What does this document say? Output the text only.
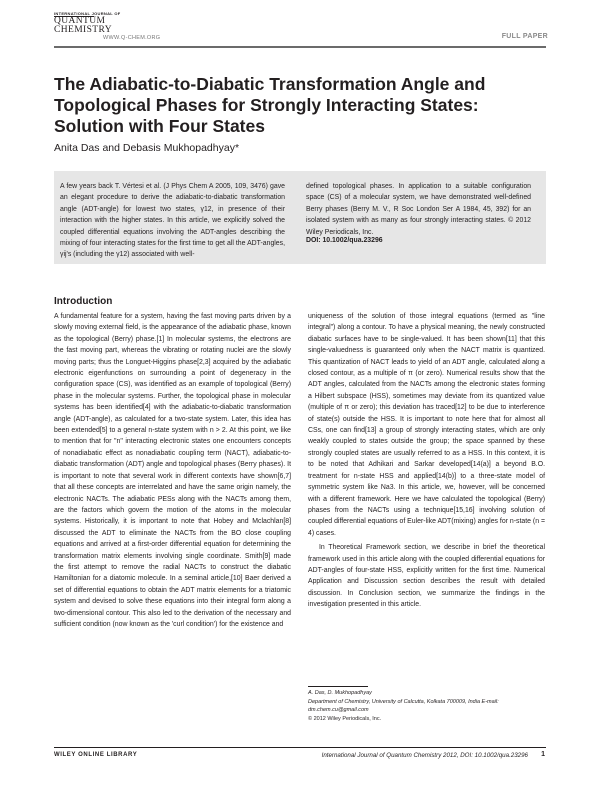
INTERNATIONAL JOURNAL OF
QUANTUM CHEMISTRY
WWW.Q-CHEM.ORG	FULL PAPER
The Adiabatic-to-Diabatic Transformation Angle and Topological Phases for Strongly Interacting States: Solution with Four States
Anita Das and Debasis Mukhopadhyay*
A few years back T. Vértesi et al. (J Phys Chem A 2005, 109, 3476) gave an elegant procedure to derive the adiabatic-to-diabatic transformation angle (ADT-angle) for lowest two states, γ12, in presence of their interaction with the higher states. In this article, we explicitly solved the coupled differential equations involving the ADT-angles describing the mixing of four interacting states for the first time to get all the ADT-angles, γij's (including the γ12) associated with well-
defined topological phases. In application to a suitable configuration space (CS) of a molecular system, we have demonstrated well-defined Berry phases (Berry M. V., R Soc London Ser A 1984, 45, 392) for an isolated system with as many as four strongly interacting states. © 2012 Wiley Periodicals, Inc.
DOI: 10.1002/qua.23296
Introduction

A fundamental feature for a system, having the fast moving parts driven by a slowly moving external field, is the appearance of the adiabatic phase, known as the topological (Berry) phase.[1] In molecular systems, the electrons are the fast moving part, whereas the vibrating or rotating nuclei are the slowly moving parts; thus the Longuet-Higgins phase[2,3] acquired by the adiabatic electronic eigenfunctions on surrounding a point of degeneracy in the configuration space (CS), was identified as an example of topological (Berry) phase in the molecular systems. Further, the topological phase in molecular systems has been identified[4] with the adiabatic-to-diabatic transformation angle (ADT-angle), as calculated for a two-state system. Later, this idea has been extended[5] to a general n-state system with n > 2. At this point, we like to mention that for "n" interacting electronic states one encounters concepts of nonadiabatic effect as nonadiabatic coupling term (NACT), adiabatic-to-diabatic transformation (ADT) angle and topological phases (Berry phases). It is important to note that several work in different contexts have shown[6,7] that all these concepts are interrelated and have the same origin namely, the electronic NACTs. The adiabatic PESs along with the NACTs among them, are the factors which govern the motion of the atoms in the molecular systems. Historically, it is important to note that Hobey and Mclachlan[8] discussed the ADT to eliminate the NACTs from the BO close coupling equations and arrived at a first-order differential equation for determining the transformation matrix elements involving single coordinate. Smith[9] made the first attempt to remove the radial NACTs to construct the diabatic Hamiltonian for a diatomic molecule. In a seminal article,[10] Baer derived a set of differential equations to obtain the ADT matrix elements for a triatomic system and devised to solve these equations into their integral form along a two-dimensional contour. This also led to the derivation of the necessary and sufficient condition (now known as the 'curl condition') for the existence and

uniqueness of the solution of those integral equations (termed as "line integral") along a contour. To have a physical meaning, the newly constructed diabatic surfaces have to be single-valued. It has been shown[11] that this single-valuedness is guaranteed only when the NACT matrix is quantized. This quantization of NACT leads to yield of an ADT angle, calculated along a closed contour, as a multiple of π (or zero). Numerical results show that the ADT angles, calculated from the NACTs among the electronic states forming a Hilbert subspace (HSS), sometimes may deviate from its quantized value (multiple of π or zero); this deviation has traced[12] to be due to interference of state(s) outside the HSS. It is important to note here that for almost all CSs, one can find[13] a group of strongly interacting states, which are only weakly coupled to states outside the group; the space spanned by these strongly coupled states are usually referred to as a HSS. In this context, it is to be noted that Adhikari and Sarkar developed[14(a)] a beyond B.O. treatment for n-state HSS and applied[14(b)] to a three-state model of symmetric system like Na3. In this article, we, however, will be concerned with a different framework. Here we have calculated the topological (Berry) phases from the NACTs using a technique[15,16] involving solution of coupled differential equations of Euler-like ADT(mixing) angles for n-state (n = 4) cases.

In Theoretical Framework section, we describe in brief the theoretical framework used in this article along with the coupled differential equations for ADT-angles of four-state HSS, explicitly written for the first time. Numerical Application and Discussion section describes the result with detailed discussion. In Conclusion section, we summarize the findings in the investigation presented in this article.

A. Das, D. Mukhopadhyay
Department of Chemistry, University of Calcutta, Kolkata 700009, India E-mail: dm.chem.cu@gmail.com
© 2012 Wiley Periodicals, Inc.
WILEY ONLINE LIBRARY	International Journal of Quantum Chemistry 2012, DOI: 10.1002/qua.23296	1
